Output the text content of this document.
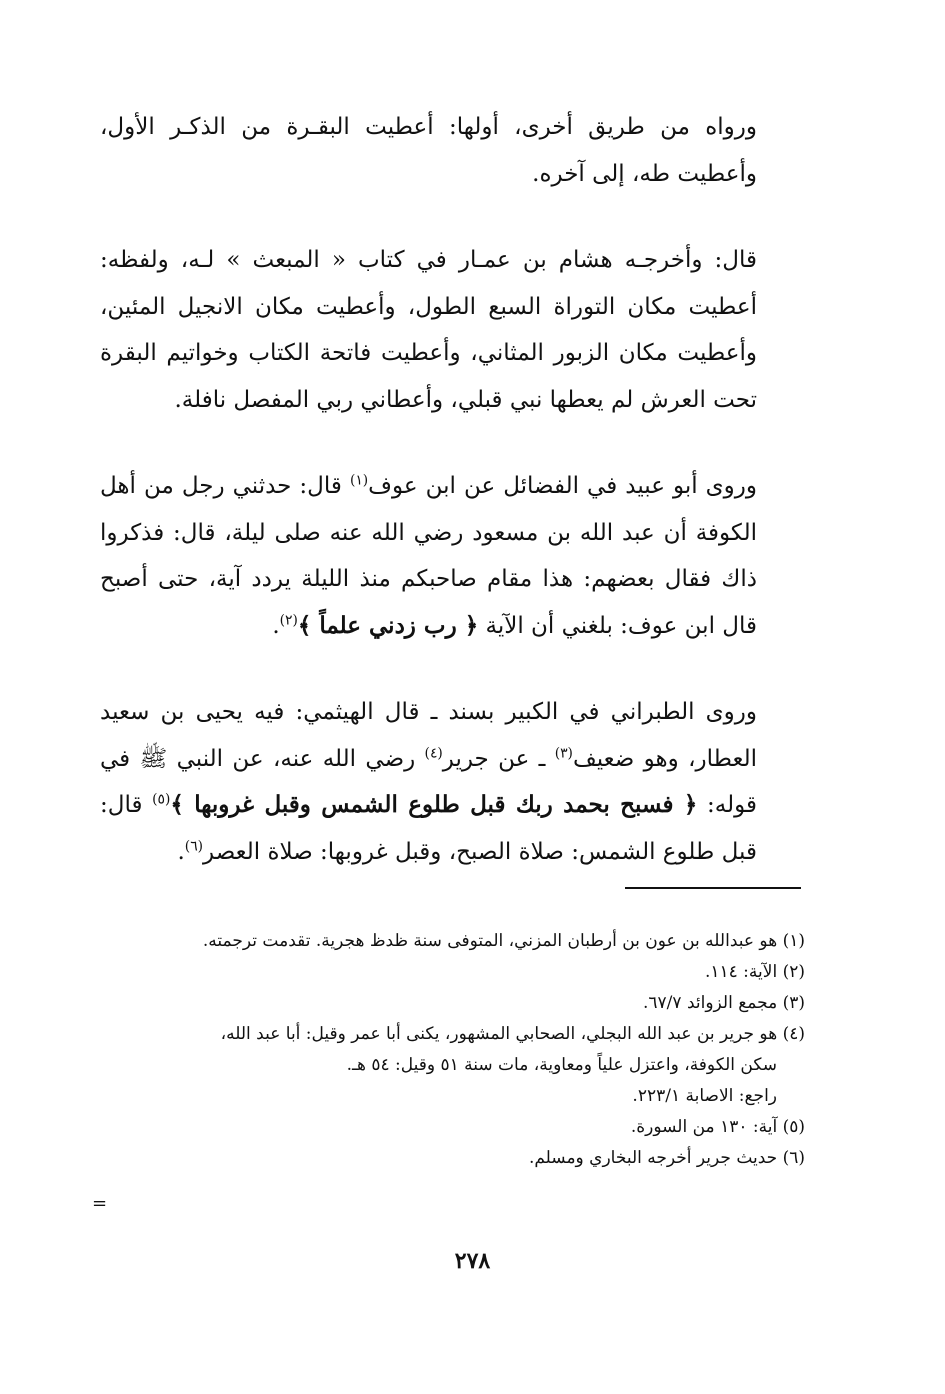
ورواه من طريق أخرى، أولها: أعطيت البقـرة من الذكـر الأول، وأعطيت طه، إلى آخره.

قال: وأخرجـه هشام بن عمـار في كتاب « المبعث » لـه، ولفظه: أعطيت مكان التوراة السبع الطول، وأعطيت مكان الانجيل المئين، وأعطيت مكان الزبور المثاني، وأعطيت فاتحة الكتاب وخواتيم البقرة تحت العرش لم يعطها نبي قبلي، وأعطاني ربي المفصل نافلة.

وروى أبو عبيد في الفضائل عن ابن عوف$^{(١)}$ قال: حدثني رجل من أهل الكوفة أن عبد الله بن مسعود رضي الله عنه صلى ليلة، قال: فذكروا ذاك فقال بعضهم: هذا مقام صاحبكم منذ الليلة يردد آية، حتى أصبح قال ابن عوف: بلغني أن الآية ﴿ رب زدني علماً ﴾$^{(٢)}$.

وروى الطبراني في الكبير بسند ـ قال الهيثمي: فيه يحيى بن سعيد العطار، وهو ضعيف$^{(٣)}$ ـ عن جرير$^{(٤)}$ رضي الله عنه، عن النبي ﷺ في قوله: ﴿ فسبح بحمد ربك قبل طلوع الشمس وقبل غروبها ﴾$^{(٥)}$ قال: قبل طلوع الشمس: صلاة الصبح، وقبل غروبها: صلاة العصر$^{(٦)}$.

(١) هو عبدالله بن عون بن أرطبان المزني، المتوفى سنة ظدظ هجرية. تقدمت ترجمته.

(٢) الآية: ١١٤.

(٣) مجمع الزوائد ٦٧/٧.

(٤) هو جرير بن عبد الله البجلي، الصحابي المشهور، يكنى أبا عمر وقيل: أبا عبد الله،

سكن الكوفة، واعتزل علياً ومعاوية، مات سنة ٥١ وقيل: ٥٤ هـ.

راجع: الاصابة ٢٢٣/١.

(٥) آية: ١٣٠ من السورة.

(٦) حديث جرير أخرجه البخاري ومسلم.

=
٢٧٨
